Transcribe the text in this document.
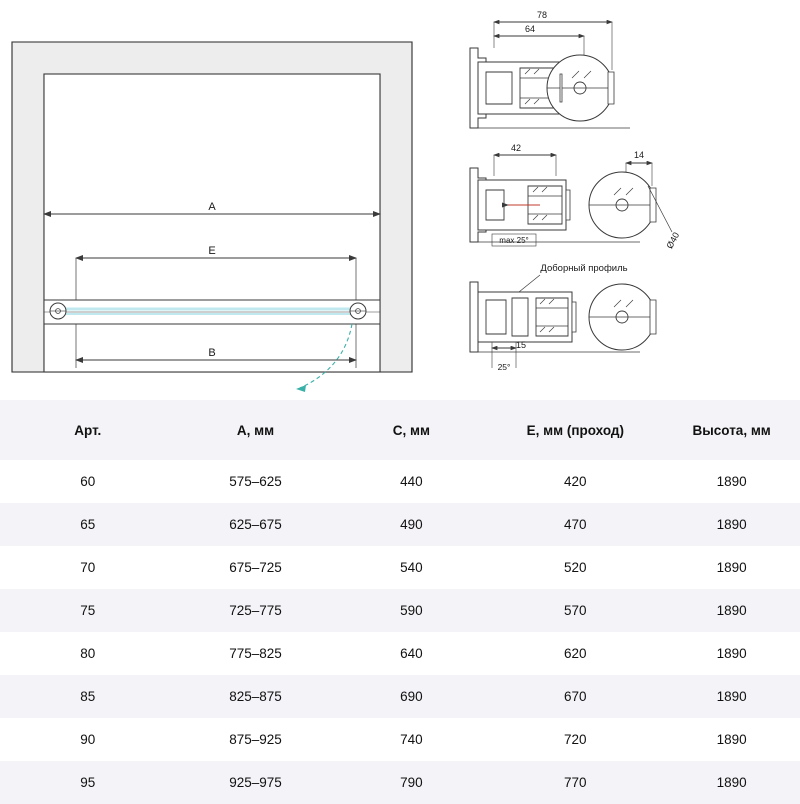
A
E
B
78
64
42
14
max 25°	Ø40
Доборный профиль
15
25°
Арт.	A, мм	C, мм	E, мм (проход)	Высота, мм
60	575–625	440	420	1890
65	625–675	490	470	1890
70	675–725	540	520	1890
75	725–775	590	570	1890
80	775–825	640	620	1890
85	825–875	690	670	1890
90	875–925	740	720	1890
95	925–975	790	770	1890
